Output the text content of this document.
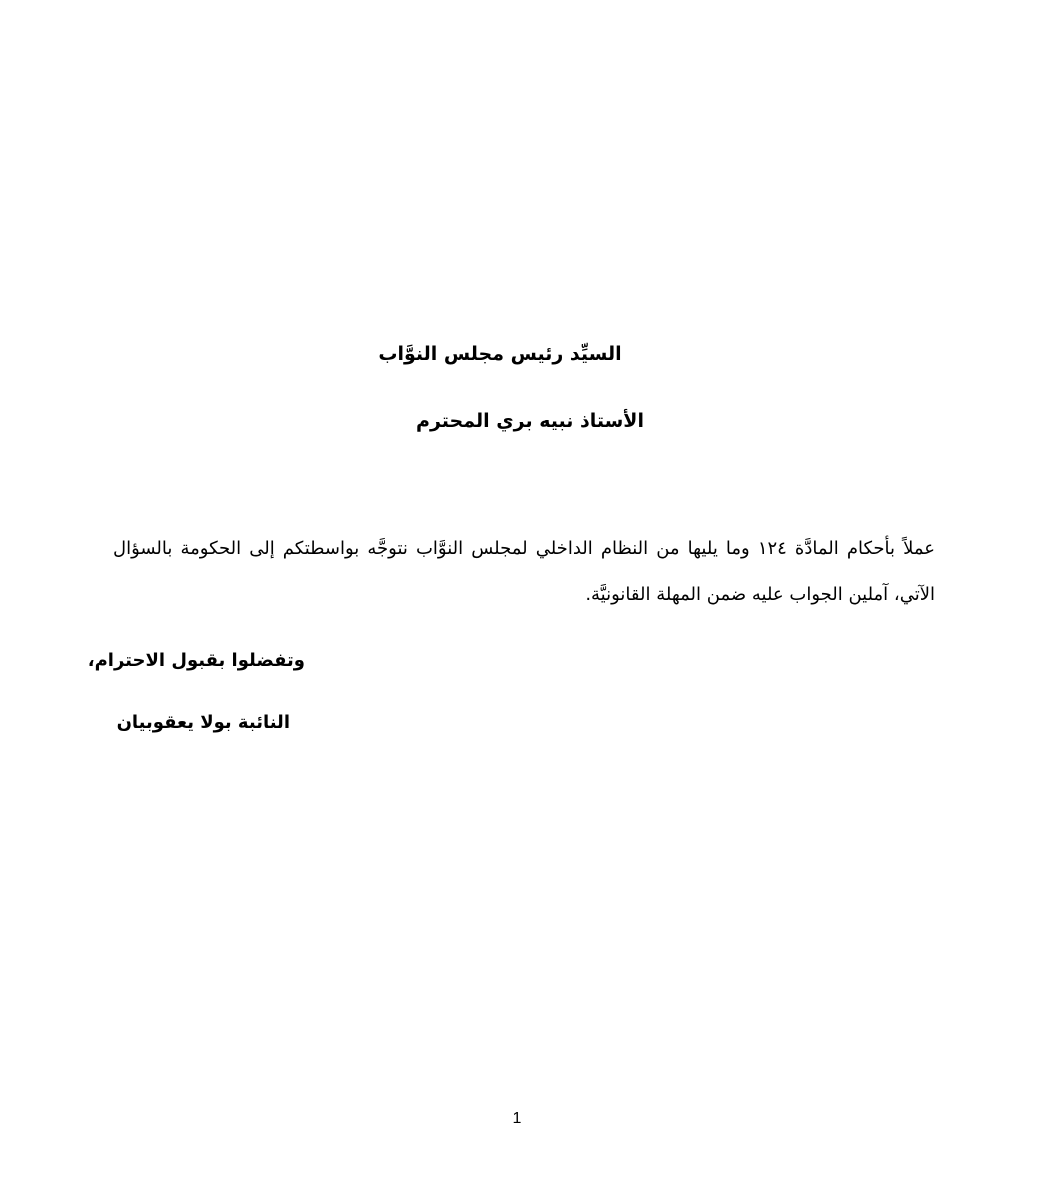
السيِّد رئيس مجلس النوَّاب

الأستاذ نبيه بري المحترم

عملاً بأحكام المادَّة ١٢٤ وما يليها من النظام الداخلي لمجلس النوَّاب نتوجَّه بواسطتكم إلى الحكومة بالسؤال

الآتي، آملين الجواب عليه ضمن المهلة القانونيَّة.

وتفضلوا بقبول الاحترام،

النائبة بولا يعقوبيان

1
